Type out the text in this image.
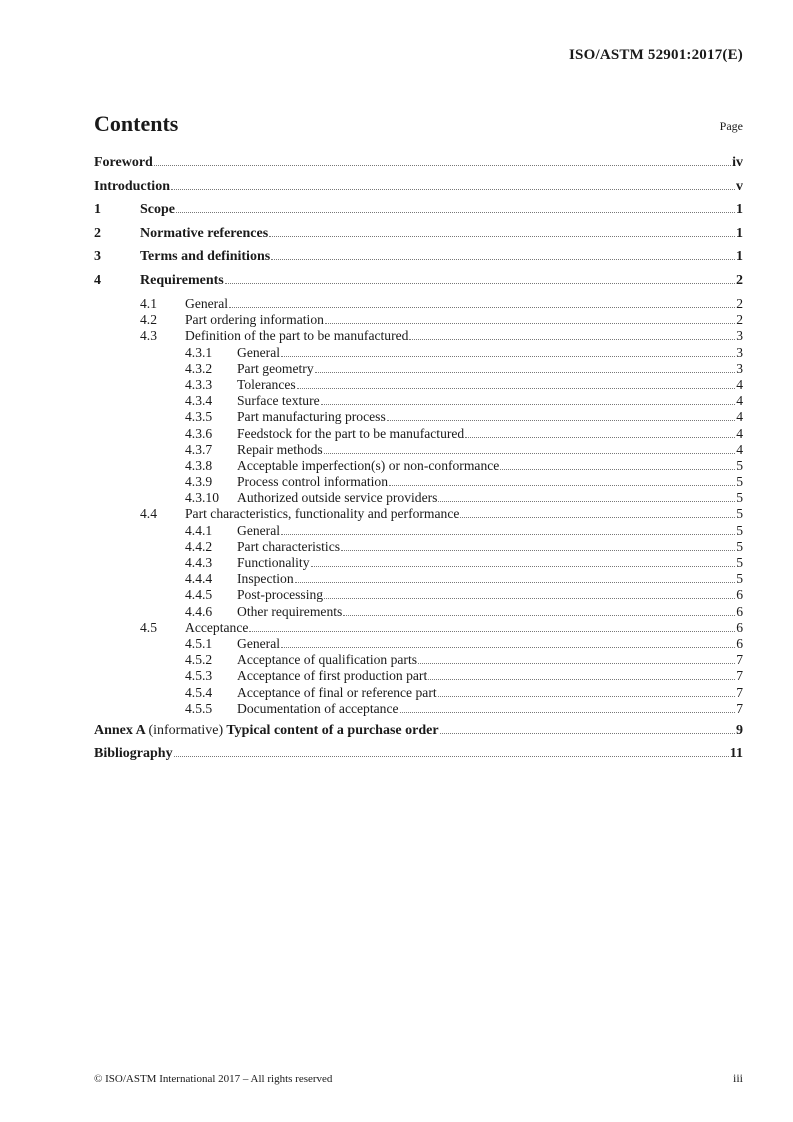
ISO/ASTM 52901:2017(E)
Contents	Page
Foreword	iv
Introduction	v
1	Scope	1
2	Normative references	1
3	Terms and definitions	1
4	Requirements	2
4.1	General	2
4.2	Part ordering information	2
4.3	Definition of the part to be manufactured	3
4.3.1	General	3
4.3.2	Part geometry	3
4.3.3	Tolerances	4
4.3.4	Surface texture	4
4.3.5	Part manufacturing process	4
4.3.6	Feedstock for the part to be manufactured	4
4.3.7	Repair methods	4
4.3.8	Acceptable imperfection(s) or non-conformance	5
4.3.9	Process control information	5
4.3.10	Authorized outside service providers	5
4.4	Part characteristics, functionality and performance	5
4.4.1	General	5
4.4.2	Part characteristics	5
4.4.3	Functionality	5
4.4.4	Inspection	5
4.4.5	Post-processing	6
4.4.6	Other requirements	6
4.5	Acceptance	6
4.5.1	General	6
4.5.2	Acceptance of qualification parts	7
4.5.3	Acceptance of first production part	7
4.5.4	Acceptance of final or reference part	7
4.5.5	Documentation of acceptance	7
Annex A (informative) Typical content of a purchase order	9
Bibliography	11
© ISO/ASTM International 2017 – All rights reserved	iii
